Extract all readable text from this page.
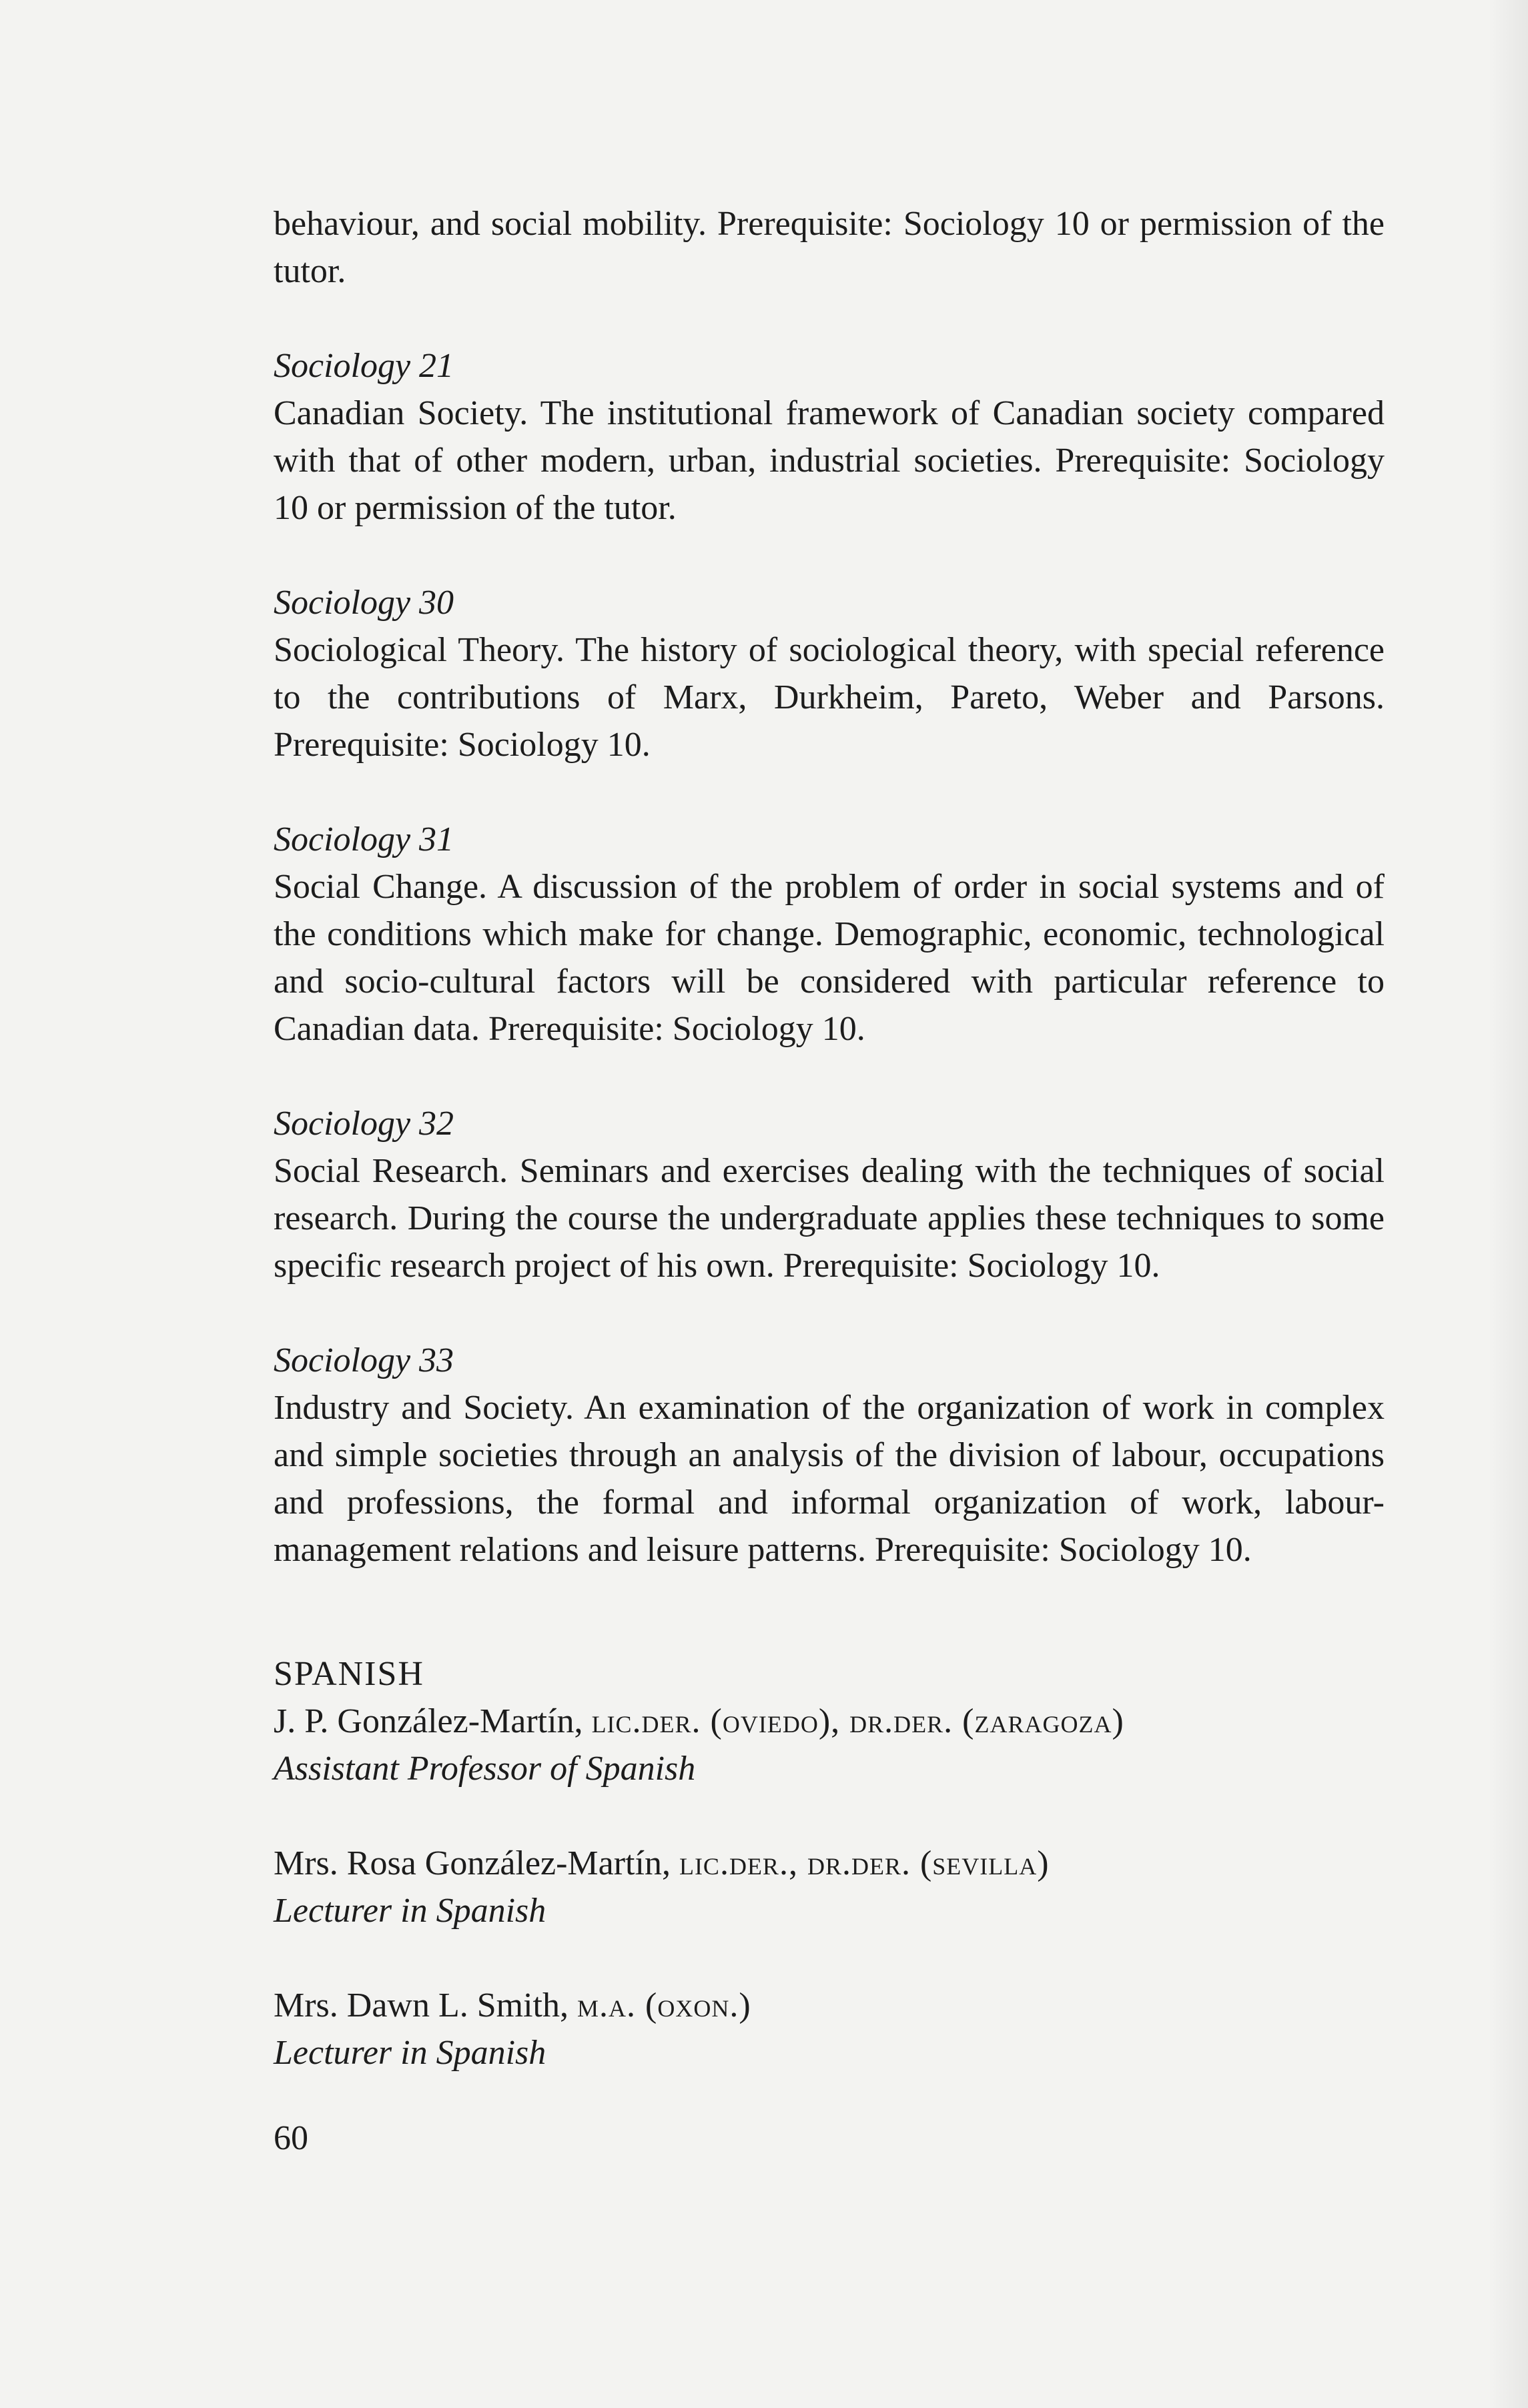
behaviour, and social mobility. Prerequisite: Sociology 10 or permission of the tutor.

Sociology 21

Canadian Society. The institutional framework of Canadian society compared with that of other modern, urban, industrial societies. Prerequisite: Sociology 10 or permission of the tutor.

Sociology 30

Sociological Theory. The history of sociological theory, with special reference to the contributions of Marx, Durkheim, Pareto, Weber and Parsons. Prerequisite: Sociology 10.

Sociology 31

Social Change. A discussion of the problem of order in social systems and of the conditions which make for change. Demographic, economic, technological and socio-cultural factors will be considered with particular reference to Canadian data. Prerequisite: Sociology 10.

Sociology 32

Social Research. Seminars and exercises dealing with the techniques of social research. During the course the undergraduate applies these techniques to some specific research project of his own. Prerequisite: Sociology 10.

Sociology 33

Industry and Society. An examination of the organization of work in complex and simple societies through an analysis of the division of labour, occupations and professions, the formal and informal organization of work, labour-management relations and leisure patterns. Prerequisite: Sociology 10.

SPANISH

J. P. González-Martín, lic.der. (oviedo), dr.der. (zaragoza)

Assistant Professor of Spanish

Mrs. Rosa González-Martín, lic.der., dr.der. (sevilla)

Lecturer in Spanish

Mrs. Dawn L. Smith, m.a. (oxon.)

Lecturer in Spanish

60
